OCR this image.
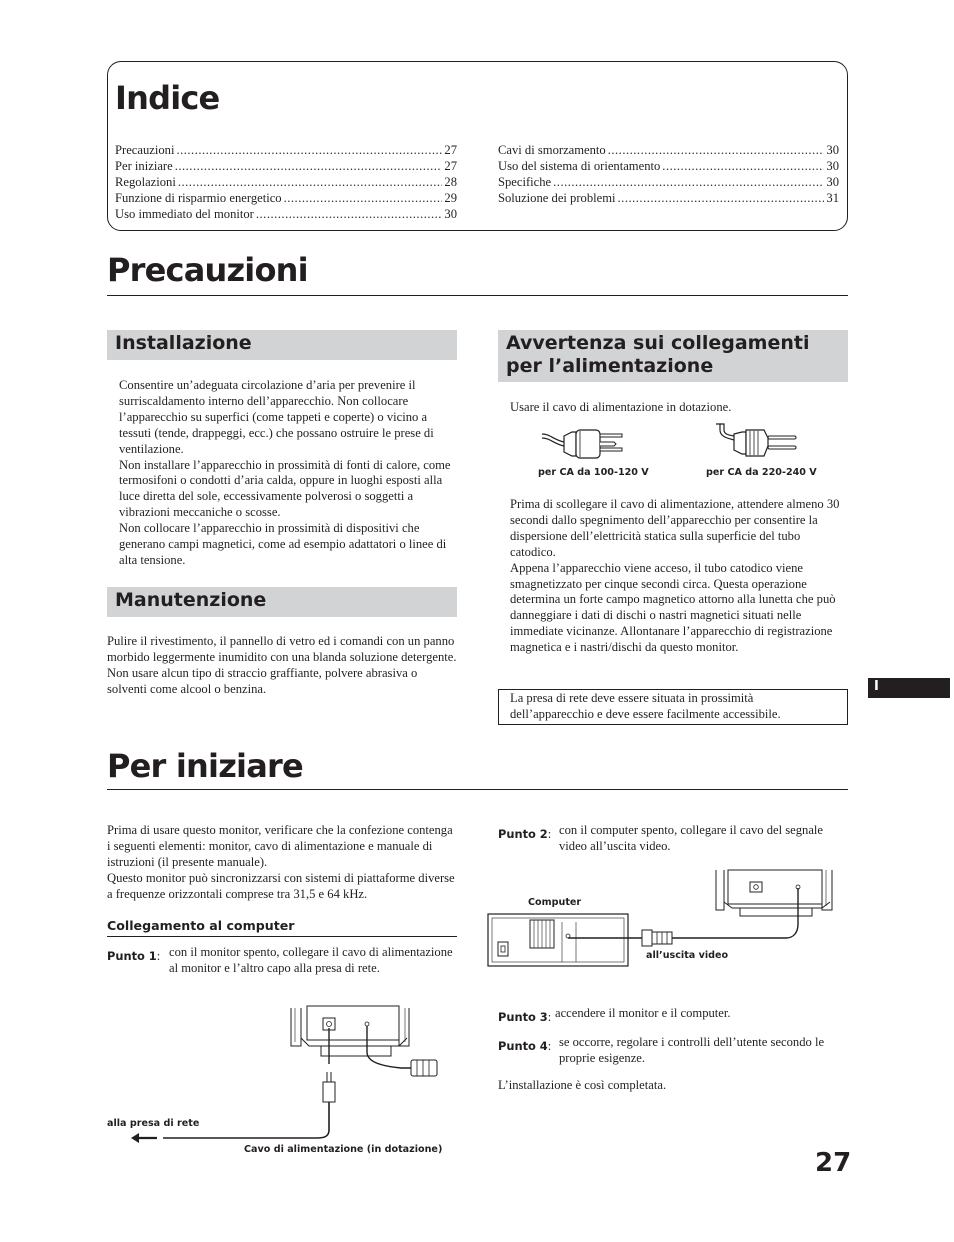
Indice
Precauzioni .....	27
Per iniziare .....	27
Regolazioni .....	28
Funzione di risparmio energetico .....	29
Uso immediato del monitor .....	30
Cavi di smorzamento .....	30
Uso del sistema di orientamento .....	30
Specifiche .....	30
Soluzione dei problemi .....	31
Precauzioni
Installazione

Consentire un’adeguata circolazione d’aria per prevenire il surriscaldamento interno dell’apparecchio. Non collocare l’apparecchio su superfici (come tappeti e coperte) o vicino a tessuti (tende, drappeggi, ecc.) che possano ostruire le prese di ventilazione.

Non installare l’apparecchio in prossimità di fonti di calore, come termosifoni o condotti d’aria calda, oppure in luoghi esposti alla luce diretta del sole, eccessivamente polverosi o soggetti a vibrazioni meccaniche o scosse.

Non collocare l’apparecchio in prossimità di dispositivi che generano campi magnetici, come ad esempio adattatori o linee di alta tensione.

Manutenzione
Pulire il rivestimento, il pannello di vetro ed i comandi con un panno morbido leggermente inumidito con una blanda soluzione detergente. Non usare alcun tipo di straccio graffiante, polvere abrasiva o solventi come alcool o benzina.
Avvertenza sui collegamenti
per l’alimentazione
Usare il cavo di alimentazione in dotazione.
per CA da 100-120 V	per CA da 220-240 V

Prima di scollegare il cavo di alimentazione, attendere almeno 30 secondi dallo spegnimento dell’apparecchio per consentire la dispersione dell’elettricità statica sulla superficie del tubo catodico.

Appena l’apparecchio viene acceso, il tubo catodico viene smagnetizzato per cinque secondi circa. Questa operazione determina un forte campo magnetico attorno alla lunetta che può danneggiare i dati di dischi o nastri magnetici situati nelle immediate vicinanze. Allontanare l’apparecchio di registrazione magnetica e i nastri/dischi da questo monitor.

La presa di rete deve essere situata in prossimità dell’apparecchio e deve essere facilmente accessibile.
I
Per iniziare

Prima di usare questo monitor, verificare che la confezione contenga i seguenti elementi: monitor, cavo di alimentazione e manuale di istruzioni (il presente manuale).

Questo monitor può sincronizzarsi con sistemi di piattaforme diverse a frequenze orizzontali comprese tra 31,5 e 64 kHz.

Collegamento al computer
Punto 1: con il monitor spento, collegare il cavo di alimentazione al monitor e l’altro capo alla presa di rete.
alla presa di rete
Cavo di alimentazione (in dotazione)
Punto 2: con il computer spento, collegare il cavo del segnale video all’uscita video.
Computer
all’uscita video
Punto 3: accendere il monitor e il computer.
Punto 4: se occorre, regolare i controlli dell’utente secondo le proprie esigenze.
L’installazione è così completata.
27
